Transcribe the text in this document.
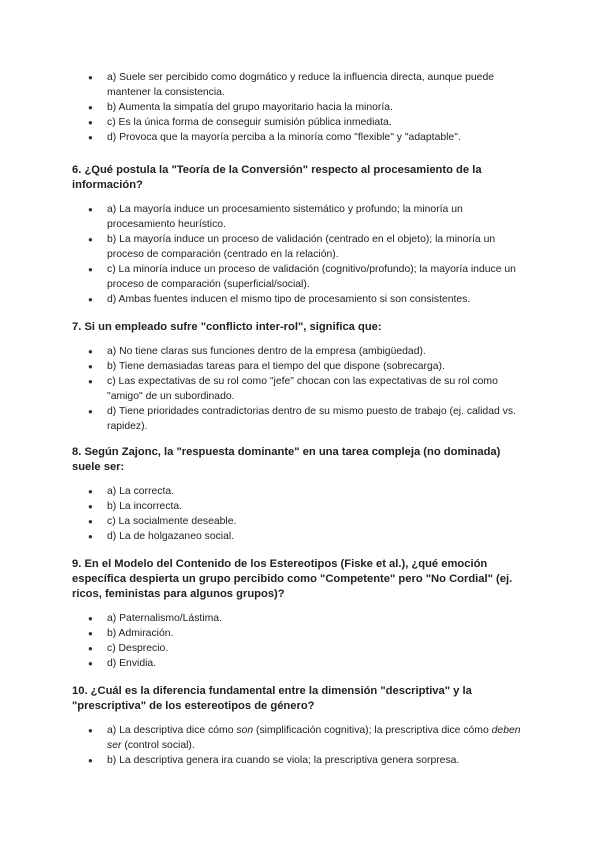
● a) Suele ser percibido como dogmático y reduce la influencia directa, aunque puede mantener la consistencia.
● b) Aumenta la simpatía del grupo mayoritario hacia la minoría.
● c) Es la única forma de conseguir sumisión pública inmediata.
● d) Provoca que la mayoría perciba a la minoría como "flexible" y "adaptable".
6. ¿Qué postula la "Teoría de la Conversión" respecto al procesamiento de la información?
● a) La mayoría induce un procesamiento sistemático y profundo; la minoría un procesamiento heurístico.
● b) La mayoría induce un proceso de validación (centrado en el objeto); la minoría un proceso de comparación (centrado en la relación).
● c) La minoría induce un proceso de validación (cognitivo/profundo); la mayoría induce un proceso de comparación (superficial/social).
● d) Ambas fuentes inducen el mismo tipo de procesamiento si son consistentes.
7. Si un empleado sufre "conflicto inter-rol", significa que:
● a) No tiene claras sus funciones dentro de la empresa (ambigüedad).
● b) Tiene demasiadas tareas para el tiempo del que dispone (sobrecarga).
● c) Las expectativas de su rol como "jefe" chocan con las expectativas de su rol como "amigo" de un subordinado.
● d) Tiene prioridades contradictorias dentro de su mismo puesto de trabajo (ej. calidad vs. rapidez).
8. Según Zajonc, la "respuesta dominante" en una tarea compleja (no dominada) suele ser:
● a) La correcta.
● b) La incorrecta.
● c) La socialmente deseable.
● d) La de holgazaneo social.
9. En el Modelo del Contenido de los Estereotipos (Fiske et al.), ¿qué emoción específica despierta un grupo percibido como "Competente" pero "No Cordial" (ej. ricos, feministas para algunos grupos)?
● a) Paternalismo/Lástima.
● b) Admiración.
● c) Desprecio.
● d) Envidia.
10. ¿Cuál es la diferencia fundamental entre la dimensión "descriptiva" y la "prescriptiva" de los estereotipos de género?
● a) La descriptiva dice cómo son (simplificación cognitiva); la prescriptiva dice cómo deben ser (control social).
● b) La descriptiva genera ira cuando se viola; la prescriptiva genera sorpresa.
